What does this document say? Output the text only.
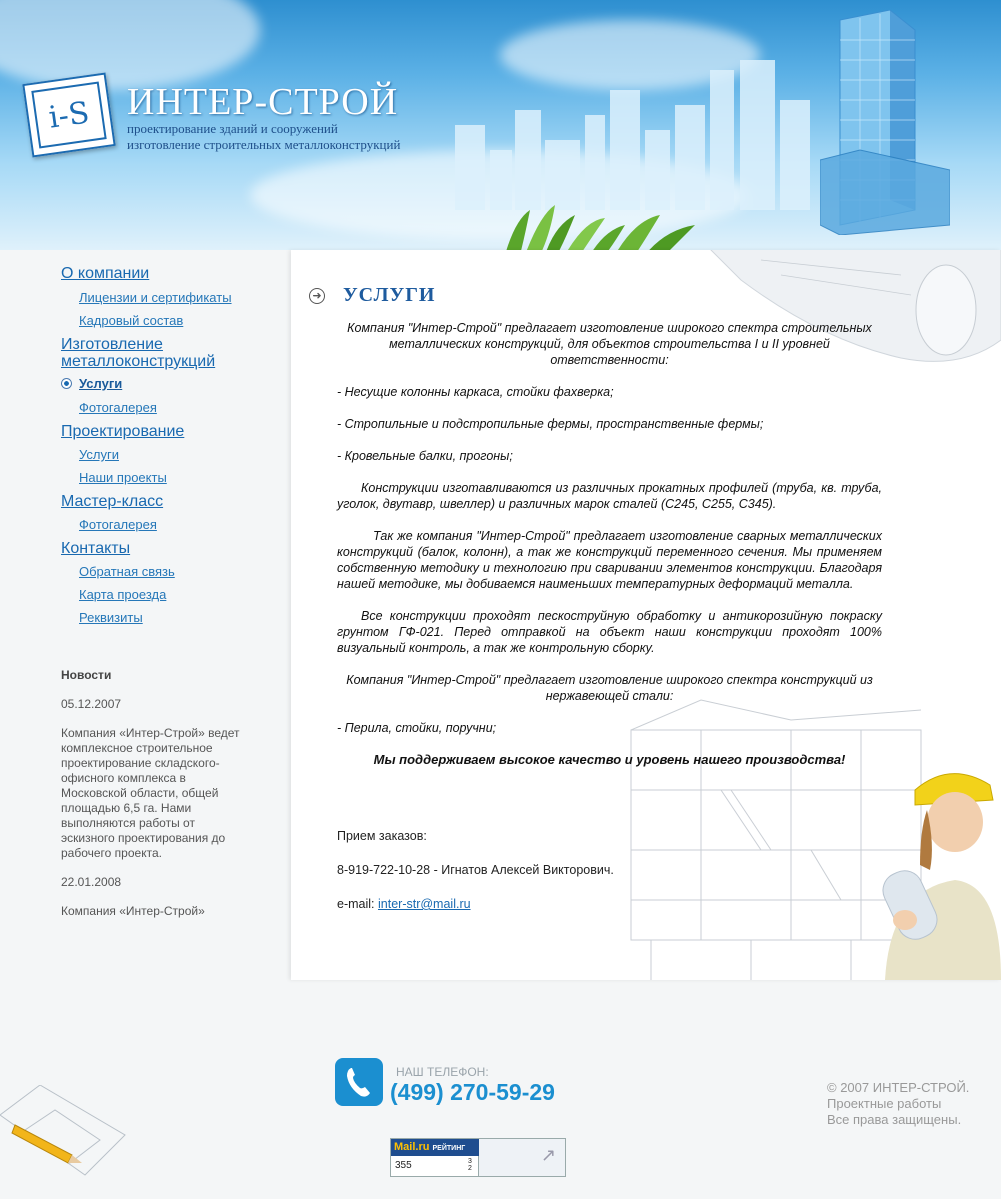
i-S ИНТЕР-СТРОЙ
проектирование зданий и сооружений
изготовление строительных металлоконструкций
О компании
Лицензии и сертификаты
Кадровый состав
Изготовление металлоконструкций
Услуги
Фотогалерея
Проектирование
Услуги
Наши проекты
Мастер-класс
Фотогалерея
Контакты
Обратная связь
Карта проезда
Реквизиты
Новости
05.12.2007
Компания «Интер-Строй» ведет комплексное строительное проектирование складского-офисного комплекса в Московской области, общей площадью 6,5 га. Нами выполняются работы от эскизного проектирования до рабочего проекта.
22.01.2008
Компания «Интер-Строй»
➜ УСЛУГИ

Компания "Интер-Строй" предлагает изготовление широкого спектра строительных металлических конструкций, для объектов строительства I и II уровней ответственности:

- Несущие колонны каркаса, стойки фахверка;

- Стропильные и подстропильные фермы, пространственные фермы;

- Кровельные балки, прогоны;

Конструкции изготавливаются из различных прокатных профилей (труба, кв. труба, уголок, двутавр, швеллер) и различных марок сталей (С245, С255, С345).

Так же компания "Интер-Строй" предлагает изготовление сварных металлических конструкций (балок, колонн), а так же конструкций переменного сечения. Мы применяем собственную методику и технологию при сваривании элементов конструкции. Благодаря нашей методике, мы добиваемся наименьших температурных деформаций металла.

Все конструкции проходят пескоструйную обработку и антикорозийную покраску грунтом ГФ-021. Перед отправкой на объект наши конструкции проходят 100% визуальный контроль, а так же контрольную сборку.

Компания "Интер-Строй" предлагает изготовление широкого спектра конструкций из нержавеющей стали:

- Перила, стойки, поручни;

Мы поддерживаем высокое качество и уровень нашего производства!

Прием заказов:

8-919-722-10-28 - Игнатов Алексей Викторович.

e-mail: inter-str@mail.ru

НАШ ТЕЛЕФОН:
(499) 270-59-29	© 2007 ИНТЕР-СТРОЙ.
Проектные работы
Все права защищены.
Mail.ru РЕЙТИНГ
355	3
2
↗
